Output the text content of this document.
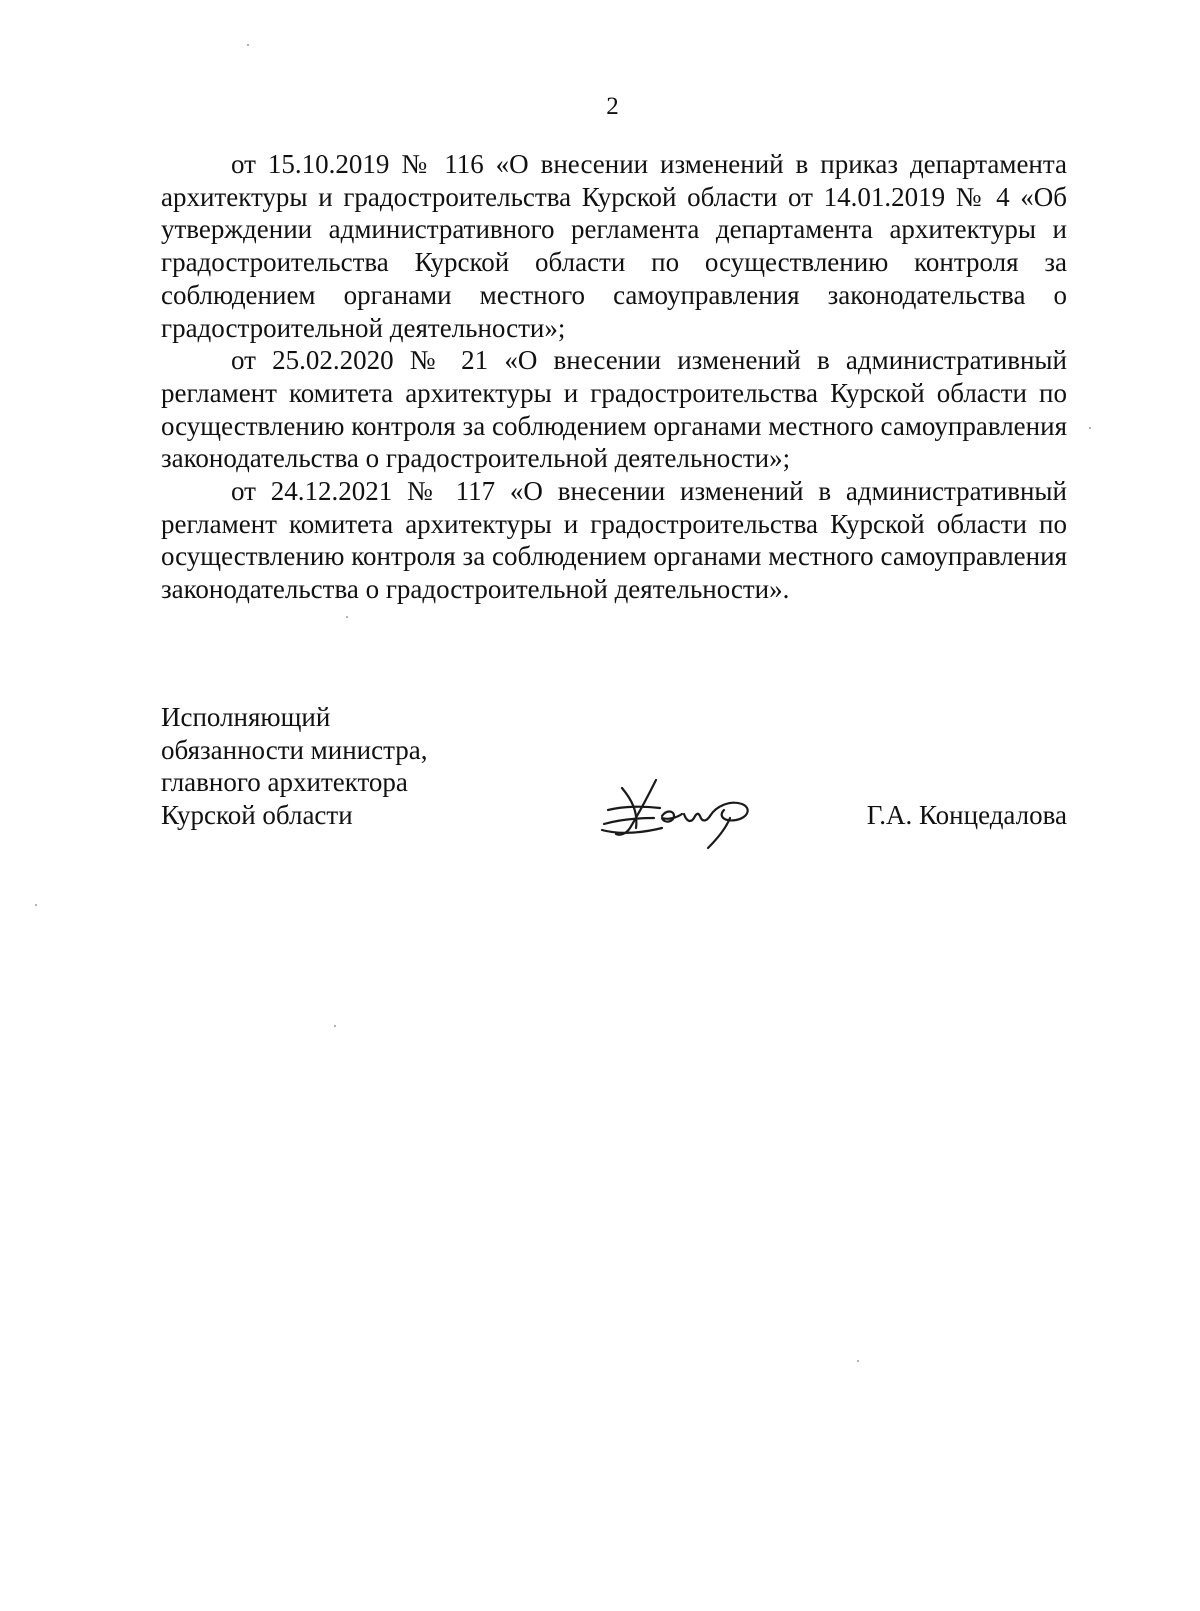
2

от 15.10.2019 № 116 «О внесении изменений в приказ департамента архитектуры и градостроительства Курской области от 14.01.2019 № 4 «Об утверждении административного регламента департамента архитектуры и градостроительства Курской области по осуществлению контроля за соблюдением органами местного самоуправления законодательства о градостроительной деятельности»;

от 25.02.2020 № 21 «О внесении изменений в административный регламент комитета архитектуры и градостроительства Курской области по осуществлению контроля за соблюдением органами местного самоуправления законодательства о градостроительной деятельности»;

от 24.12.2021 № 117 «О внесении изменений в административный регламент комитета архитектуры и градостроительства Курской области по осуществлению контроля за соблюдением органами местного самоуправления законодательства о градостроительной деятельности».

Исполняющий
обязанности министра,
главного архитектора
Курской области	Г.А. Концедалова
